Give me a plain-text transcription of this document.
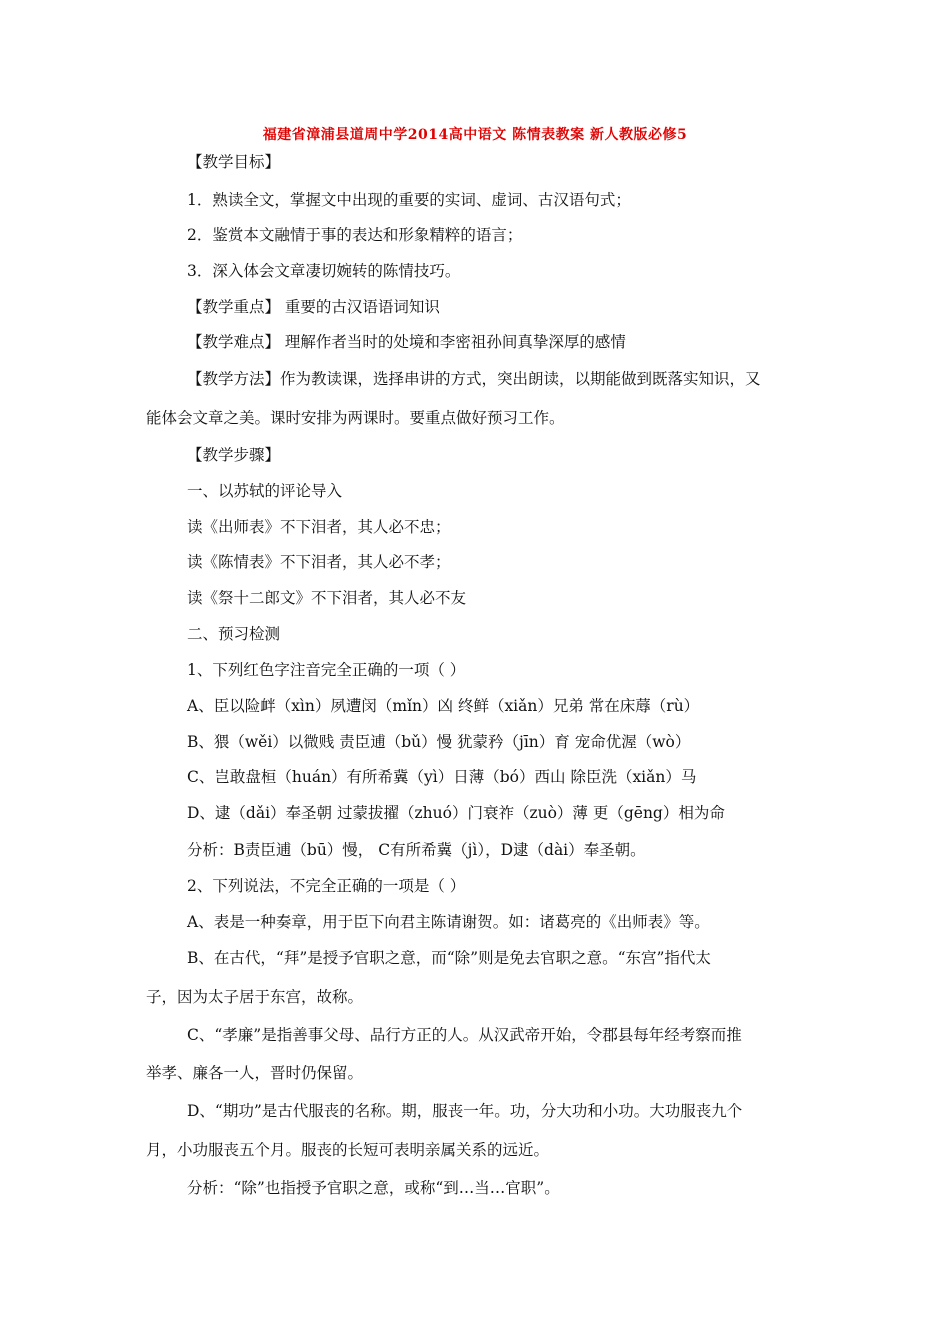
福建省漳浦县道周中学2014高中语文 陈情表教案 新人教版必修5
【教学目标】
1．熟读全文，掌握文中出现的重要的实词、虚词、古汉语句式；
2．鉴赏本文融情于事的表达和形象精粹的语言；
3．深入体会文章凄切婉转的陈情技巧。
【教学重点】 重要的古汉语语词知识
【教学难点】 理解作者当时的处境和李密祖孙间真挚深厚的感情
【教学方法】作为教读课，选择串讲的方式，突出朗读，以期能做到既落实知识，又
能体会文章之美。课时安排为两课时。要重点做好预习工作。
【教学步骤】
一、以苏轼的评论导入
读《出师表》不下泪者，其人必不忠；
读《陈情表》不下泪者，其人必不孝；
读《祭十二郎文》不下泪者，其人必不友
二、预习检测
1、下列红色字注音完全正确的一项（ ）
A、臣以险衅（xìn）夙遭闵（mǐn）凶 终鲜（xiǎn）兄弟 常在床蓐（rù）
B、猥（wěi）以微贱 责臣逋（bǔ）慢 犹蒙矜（jīn）育 宠命优渥（wò）
C、岂敢盘桓（huán）有所希冀（yì）日薄（bó）西山 除臣洗（xiǎn）马
D、逮（dǎi）奉圣朝 过蒙拔擢（zhuó）门衰祚（zuò）薄 更（gēng）相为命
分析：B责臣逋（bū）慢， C有所希冀（jì），D逮（dài）奉圣朝。
2、下列说法，不完全正确的一项是（ ）
A、表是一种奏章，用于臣下向君主陈请谢贺。如：诸葛亮的《出师表》等。
B、在古代，“拜”是授予官职之意，而“除”则是免去官职之意。“东宫”指代太
子，因为太子居于东宫，故称。
C、“孝廉”是指善事父母、品行方正的人。从汉武帝开始，令郡县每年经考察而推
举孝、廉各一人，晋时仍保留。
D、“期功”是古代服丧的名称。期，服丧一年。功，分大功和小功。大功服丧九个
月，小功服丧五个月。服丧的长短可表明亲属关系的远近。
分析：“除”也指授予官职之意，或称“到…当…官职”。
